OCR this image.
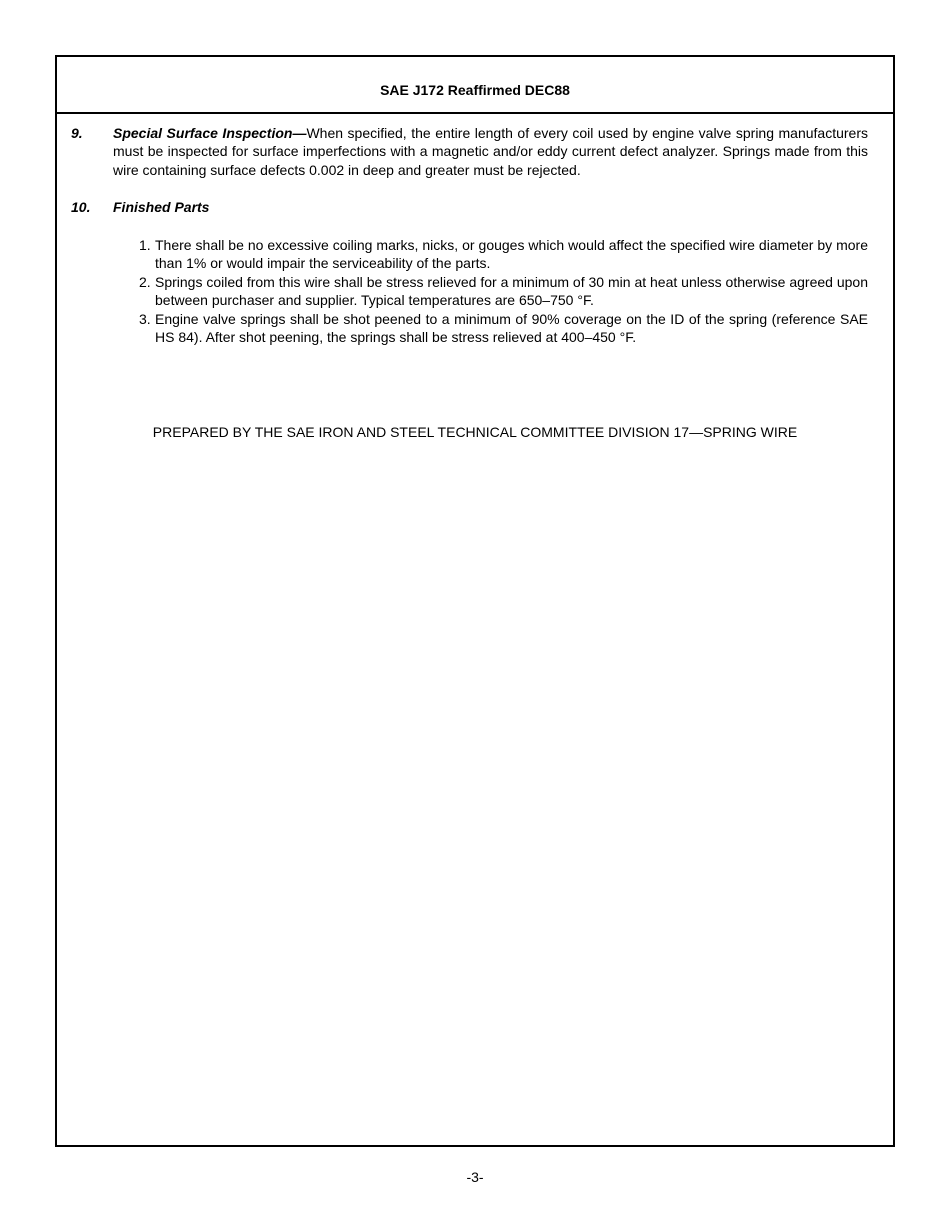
SAE J172 Reaffirmed DEC88
9. Special Surface Inspection—When specified, the entire length of every coil used by engine valve spring manufacturers must be inspected for surface imperfections with a magnetic and/or eddy current defect analyzer. Springs made from this wire containing surface defects 0.002 in deep and greater must be rejected.
10. Finished Parts
1. There shall be no excessive coiling marks, nicks, or gouges which would affect the specified wire diameter by more than 1% or would impair the serviceability of the parts.
2. Springs coiled from this wire shall be stress relieved for a minimum of 30 min at heat unless otherwise agreed upon between purchaser and supplier. Typical temperatures are 650–750 °F.
3. Engine valve springs shall be shot peened to a minimum of 90% coverage on the ID of the spring (reference SAE HS 84). After shot peening, the springs shall be stress relieved at 400–450 °F.
PREPARED BY THE SAE IRON AND STEEL TECHNICAL COMMITTEE DIVISION 17—SPRING WIRE
-3-
